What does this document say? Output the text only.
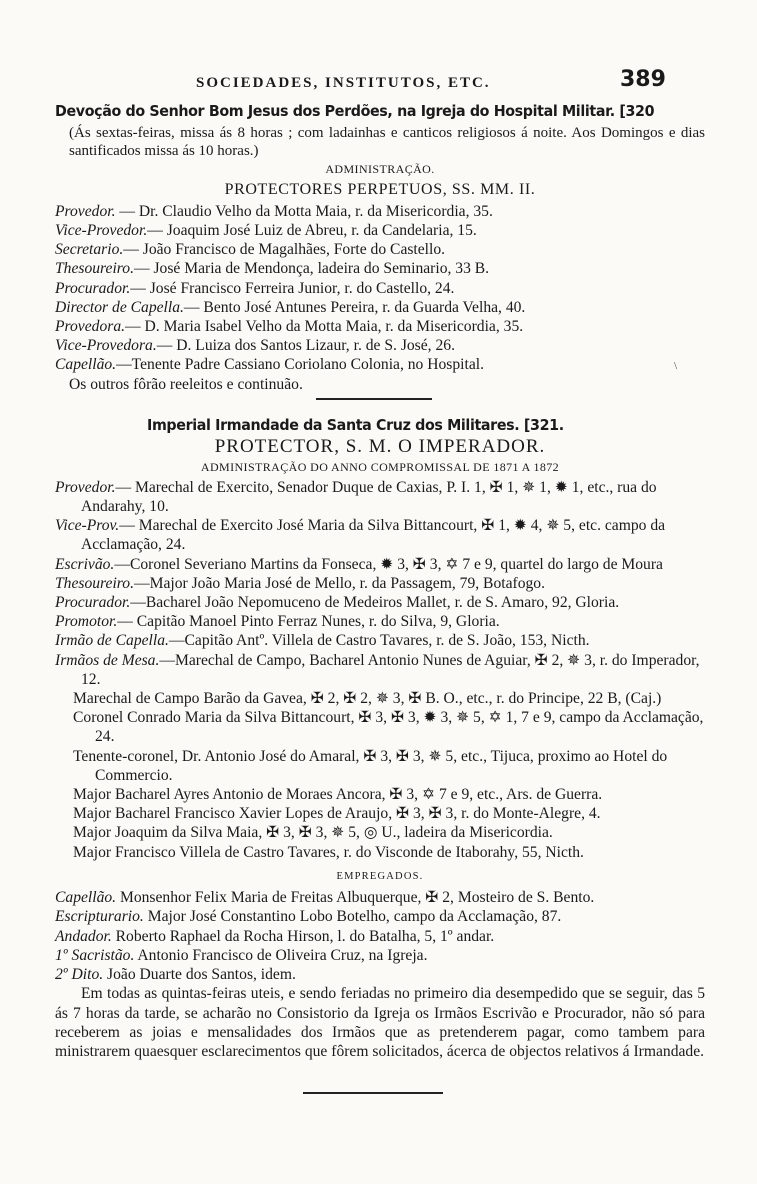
SOCIEDADES, INSTITUTOS, ETC.	389
Devoção do Senhor Bom Jesus dos Perdões, na Igreja do Hospital Militar. [320

(Ás sextas-feiras, missa ás 8 horas ; com ladainhas e canticos religiosos á noite. Aos Domingos e dias santificados missa ás 10 horas.)

ADMINISTRAÇÃO.
PROTECTORES PERPETUOS, SS. MM. II.

Provedor. — Dr. Claudio Velho da Motta Maia, r. da Misericordia, 35.

Vice-Provedor.— Joaquim José Luiz de Abreu, r. da Candelaria, 15.

Secretario.— João Francisco de Magalhães, Forte do Castello.

Thesoureiro.— José Maria de Mendonça, ladeira do Seminario, 33 B.

Procurador.— José Francisco Ferreira Junior, r. do Castello, 24.

Director de Capella.— Bento José Antunes Pereira, r. da Guarda Velha, 40.

Provedora.— D. Maria Isabel Velho da Motta Maia, r. da Misericordia, 35.

Vice-Provedora.— D. Luiza dos Santos Lizaur, r. de S. José, 26.

Capellão.—Tenente Padre Cassiano Coriolano Colonia, no Hospital.

Os outros fôrão reeleitos e continuão.

\
Imperial Irmandade da Santa Cruz dos Militares. [321.
PROTECTOR, S. M. O IMPERADOR.
ADMINISTRAÇÃO DO ANNO COMPROMISSAL DE 1871 A 1872

Provedor.— Marechal de Exercito, Senador Duque de Caxias, P. I. 1, ✠ 1, ✵ 1, ✹ 1, etc., rua do Andarahy, 10.

Vice-Prov.— Marechal de Exercito José Maria da Silva Bittancourt, ✠ 1, ✹ 4, ✵ 5, etc. campo da Acclamação, 24.

Escrivão.—Coronel Severiano Martins da Fonseca, ✹ 3, ✠ 3, ✡ 7 e 9, quartel do largo de Moura

Thesoureiro.—Major João Maria José de Mello, r. da Passagem, 79, Botafogo.

Procurador.—Bacharel João Nepomuceno de Medeiros Mallet, r. de S. Amaro, 92, Gloria.

Promotor.— Capitão Manoel Pinto Ferraz Nunes, r. do Silva, 9, Gloria.

Irmão de Capella.—Capitão Antº. Villela de Castro Tavares, r. de S. João, 153, Nicth.

Irmãos de Mesa.—Marechal de Campo, Bacharel Antonio Nunes de Aguiar, ✠ 2, ✵ 3, r. do Imperador, 12.

Marechal de Campo Barão da Gavea, ✠ 2, ✠ 2, ✵ 3, ✠ B. O., etc., r. do Principe, 22 B, (Caj.)

Coronel Conrado Maria da Silva Bittancourt, ✠ 3, ✠ 3, ✹ 3, ✵ 5, ✡ 1, 7 e 9, campo da Acclamação, 24.

Tenente-coronel, Dr. Antonio José do Amaral, ✠ 3, ✠ 3, ✵ 5, etc., Tijuca, proximo ao Hotel do Commercio.

Major Bacharel Ayres Antonio de Moraes Ancora, ✠ 3, ✡ 7 e 9, etc., Ars. de Guerra.

Major Bacharel Francisco Xavier Lopes de Araujo, ✠ 3, ✠ 3, r. do Monte-Alegre, 4.

Major Joaquim da Silva Maia, ✠ 3, ✠ 3, ✵ 5, ◎ U., ladeira da Misericordia.

Major Francisco Villela de Castro Tavares, r. do Visconde de Itaborahy, 55, Nicth.

EMPREGADOS.

Capellão. Monsenhor Felix Maria de Freitas Albuquerque, ✠ 2, Mosteiro de S. Bento.

Escripturario. Major José Constantino Lobo Botelho, campo da Acclamação, 87.

Andador. Roberto Raphael da Rocha Hirson, l. do Batalha, 5, 1º andar.

1º Sacristão. Antonio Francisco de Oliveira Cruz, na Igreja.

2º Dito. João Duarte dos Santos, idem.

Em todas as quintas-feiras uteis, e sendo feriadas no primeiro dia desempedido que se seguir, das 5 ás 7 horas da tarde, se acharão no Consistorio da Igreja os Irmãos Escrivão e Procurador, não só para receberem as joias e mensalidades dos Irmãos que as pretenderem pagar, como tambem para ministrarem quaesquer esclarecimentos que fôrem solicitados, ácerca de objectos relativos á Irmandade.
